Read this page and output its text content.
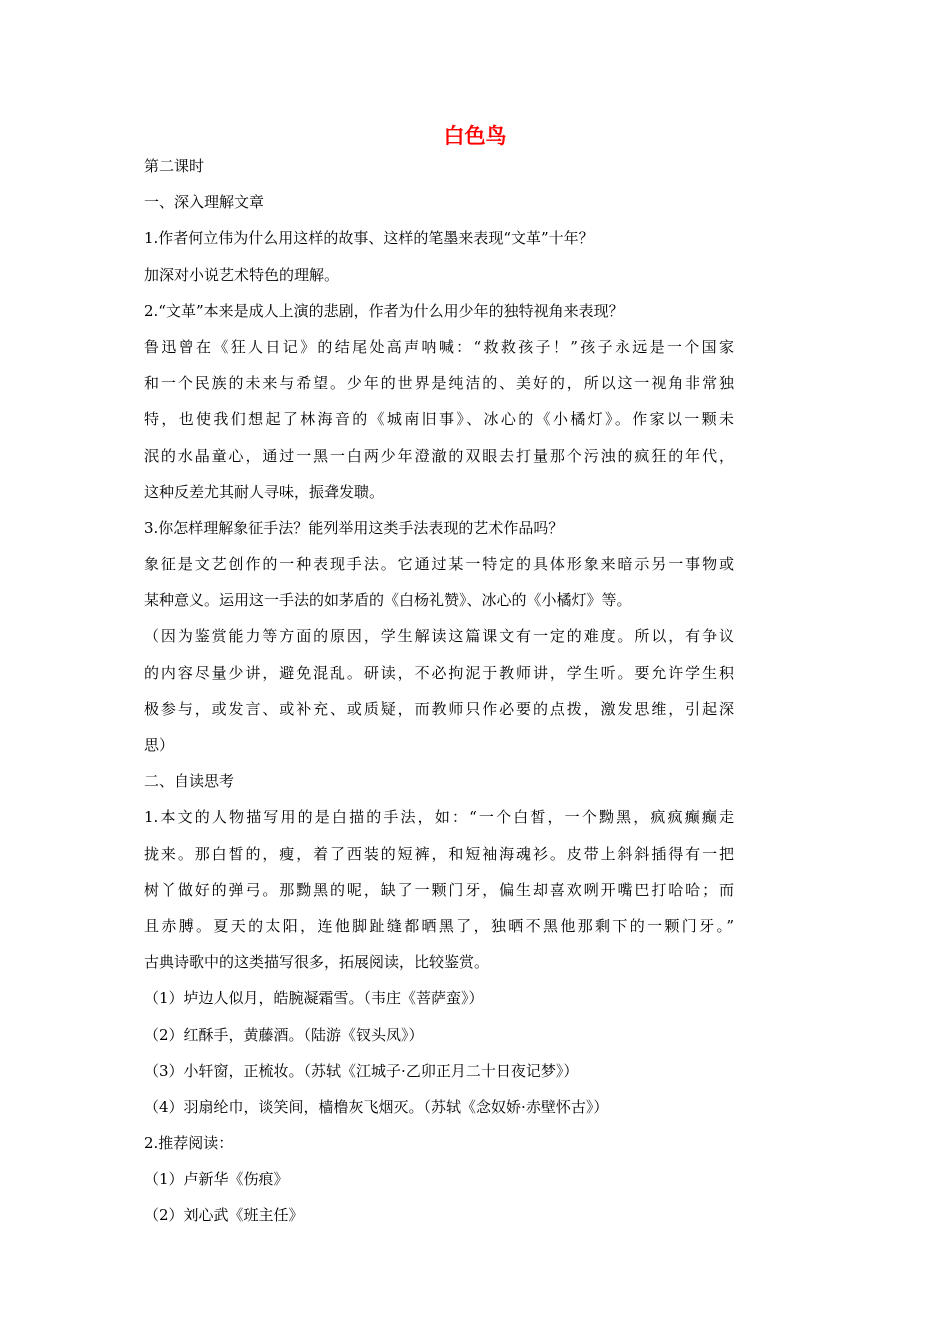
白色鸟
第二课时
一、深入理解文章
1.作者何立伟为什么用这样的故事、这样的笔墨来表现“文革”十年？
加深对小说艺术特色的理解。
2.“文革”本来是成人上演的悲剧，作者为什么用少年的独特视角来表现？
鲁迅曾在《狂人日记》的结尾处高声呐喊：“救救孩子！”孩子永远是一个国家
和一个民族的未来与希望。少年的世界是纯洁的、美好的，所以这一视角非常独
特，也使我们想起了林海音的《城南旧事》、冰心的《小橘灯》。作家以一颗未
泯的水晶童心，通过一黑一白两少年澄澈的双眼去打量那个污浊的疯狂的年代，
这种反差尤其耐人寻味，振聋发聩。
3.你怎样理解象征手法？能列举用这类手法表现的艺术作品吗？
象征是文艺创作的一种表现手法。它通过某一特定的具体形象来暗示另一事物或
某种意义。运用这一手法的如茅盾的《白杨礼赞》、冰心的《小橘灯》等。
（因为鉴赏能力等方面的原因，学生解读这篇课文有一定的难度。所以，有争议
的内容尽量少讲，避免混乱。研读，不必拘泥于教师讲，学生听。要允许学生积
极参与，或发言、或补充、或质疑，而教师只作必要的点拨，激发思维，引起深
思）
二、自读思考
1.本文的人物描写用的是白描的手法，如：“一个白皙，一个黝黑，疯疯癫癫走
拢来。那白皙的，瘦，着了西装的短裤，和短袖海魂衫。皮带上斜斜插得有一把
树丫做好的弹弓。那黝黑的呢，缺了一颗门牙，偏生却喜欢咧开嘴巴打哈哈；而
且赤膊。夏天的太阳，连他脚趾缝都晒黑了，独晒不黑他那剩下的一颗门牙。”
古典诗歌中的这类描写很多，拓展阅读，比较鉴赏。
（1）垆边人似月，皓腕凝霜雪。（韦庄《菩萨蛮》）
（2）红酥手，黄藤酒。（陆游《钗头凤》）
（3）小轩窗，正梳妆。（苏轼《江城子·乙卯正月二十日夜记梦》）
（4）羽扇纶巾，谈笑间，樯橹灰飞烟灭。（苏轼《念奴娇·赤壁怀古》）
2.推荐阅读：
（1）卢新华《伤痕》
（2）刘心武《班主任》
